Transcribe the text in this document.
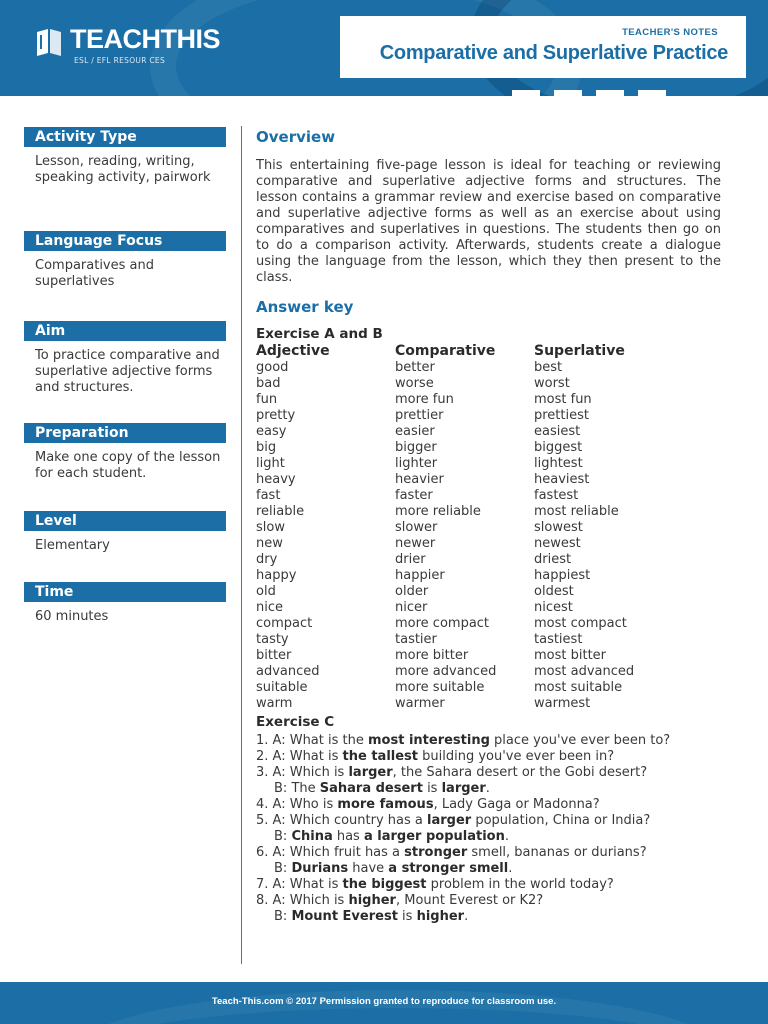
TEACHTHIS
ESL / EFL RESOUR CES
TEACHER'S NOTES
Comparative and Superlative Practice
Activity Type
Lesson, reading, writing, speaking activity, pairwork
Language Focus
Comparatives and superlatives
Aim
To practice comparative and superlative adjective forms and structures.
Preparation
Make one copy of the lesson for each student.
Level
Elementary
Time
60 minutes
Overview
This entertaining five-page lesson is ideal for teaching or reviewing comparative and superlative adjective forms and structures. The lesson contains a grammar review and exercise based on comparative and superlative adjective forms as well as an exercise about using comparatives and superlatives in questions. The students then go on to do a comparison activity. Afterwards, students create a dialogue using the language from the lesson, which they then present to the class.
Answer key
Exercise A and B
Adjective	Comparative	Superlative
good	better	best
bad	worse	worst
fun	more fun	most fun
pretty	prettier	prettiest
easy	easier	easiest
big	bigger	biggest
light	lighter	lightest
heavy	heavier	heaviest
fast	faster	fastest
reliable	more reliable	most reliable
slow	slower	slowest
new	newer	newest
dry	drier	driest
happy	happier	happiest
old	older	oldest
nice	nicer	nicest
compact	more compact	most compact
tasty	tastier	tastiest
bitter	more bitter	most bitter
advanced	more advanced	most advanced
suitable	more suitable	most suitable
warm	warmer	warmest
Exercise C
1. A: What is the most interesting place you've ever been to?
2. A: What is the tallest building you've ever been in?
3. A: Which is larger, the Sahara desert or the Gobi desert?
B: The Sahara desert is larger.
4. A: Who is more famous, Lady Gaga or Madonna?
5. A: Which country has a larger population, China or India?
B: China has a larger population.
6. A: Which fruit has a stronger smell, bananas or durians?
B: Durians have a stronger smell.
7. A: What is the biggest problem in the world today?
8. A: Which is higher, Mount Everest or K2?
B: Mount Everest is higher.
Teach-This.com © 2017 Permission granted to reproduce for classroom use.
